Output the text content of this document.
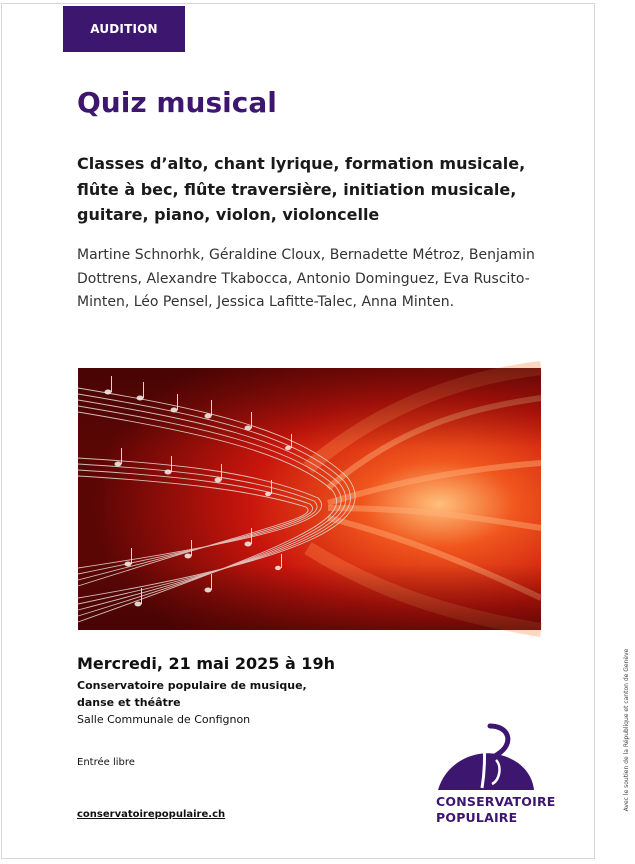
AUDITION
Quiz musical

Classes d’alto, chant lyrique, formation musicale, flûte à bec, flûte traversière, initiation musicale, guitare, piano, violon, violoncelle

Martine Schnorhk, Géraldine Cloux, Bernadette Métroz, Benjamin Dottrens, Alexandre Tkabocca, Antonio Dominguez, Eva Ruscito-Minten, Léo Pensel, Jessica Lafitte-Talec, Anna Minten.

Mercredi, 21 mai 2025 à 19h
Conservatoire populaire de musique, danse et théâtre
Salle Communale de Confignon
Entrée libre
conservatoirepopulaire.ch
CONSERVATOIRE
POPULAIRE
Avec le soutien de la République et canton de Genève
